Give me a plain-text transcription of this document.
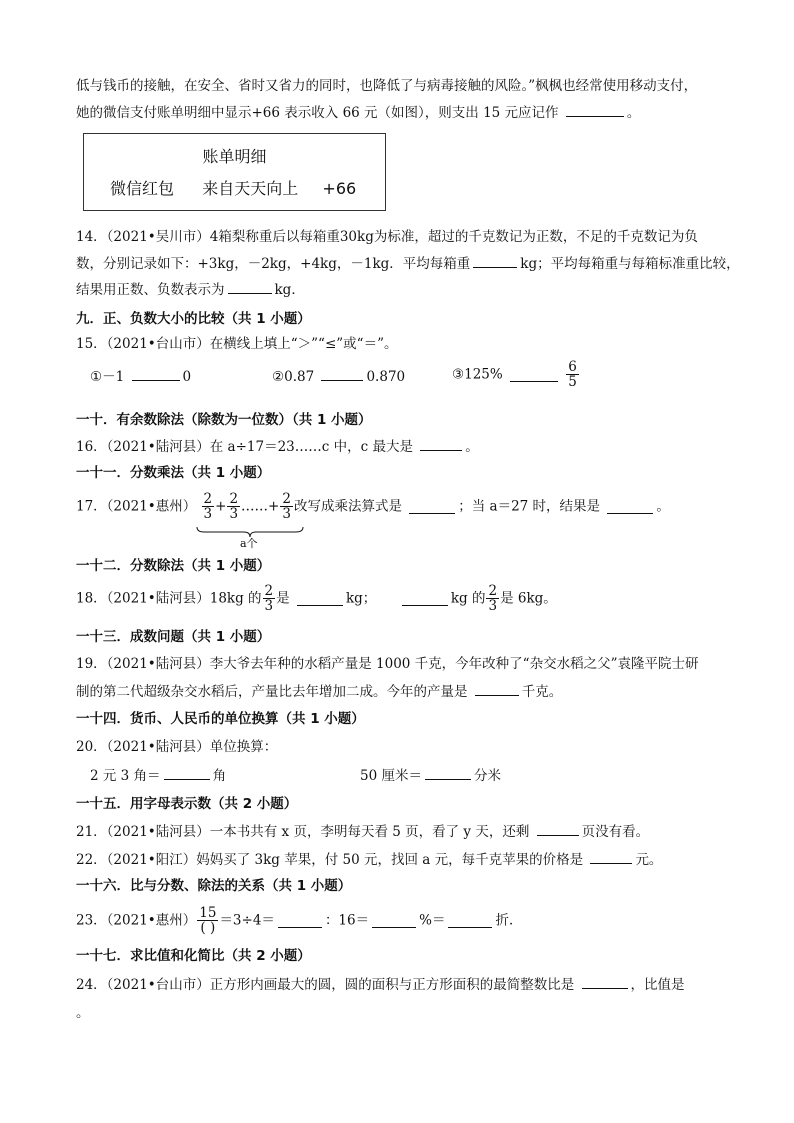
低与钱币的接触，在安全、省时又省力的同时，也降低了与病毒接触的风险。”枫枫也经常使用移动支付，
她的微信支付账单明细中显示+66 表示收入 66 元（如图），则支出 15 元应记作	。
账单明细
微信红包 来自天天向上 +66
14．（2021•吴川市）4箱梨称重后以每箱重30kg为标准，超过的千克数记为正数，不足的千克数记为负
数，分别记录如下：+3kg，－2kg，+4kg，－1kg．平均每箱重	kg；平均每箱重与每箱标准重比较，
结果用正数、负数表示为	kg．
九．正、负数大小的比较（共 1 小题）
15．（2021•台山市）在横线上填上“＞”“≤”或“＝”。
①－1	0	②0.87	0.870	③125%	$\frac{6}{5}$
一十．有余数除法（除数为一位数）（共 1 小题）
16．（2021•陆河县）在 a÷17＝23……c 中，c 最大是	。
一十一．分数乘法（共 1 小题）
17．（2021•惠州） $\frac{2}{3} + \frac{2}{3}$ ……+ $\frac{2}{3}$ 改写成乘法算式是	；当 a＝27 时，结果是	。
a个
一十二．分数除法（共 1 小题）
18．（2021•陆河县）18kg 的 $\frac{2}{3}$ 是	kg；	kg 的 $\frac{2}{3}$ 是 6kg。
一十三．成数问题（共 1 小题）
19．（2021•陆河县）李大爷去年种的水稻产量是 1000 千克，今年改种了“杂交水稻之父”袁隆平院士研
制的第二代超级杂交水稻后，产量比去年增加二成。今年的产量是	千克。
一十四．货币、人民币的单位换算（共 1 小题）
20．（2021•陆河县）单位换算：
2 元 3 角＝	角	50 厘米＝	分米
一十五．用字母表示数（共 2 小题）
21．（2021•陆河县）一本书共有 x 页，李明每天看 5 页，看了 y 天，还剩	页没有看。
22．（2021•阳江）妈妈买了 3kg 苹果，付 50 元，找回 a 元，每千克苹果的价格是	元。
一十六．比与分数、除法的关系（共 1 小题）
23．（2021•惠州） $\frac{15}{( )} =3\div 4=$	：16＝	%＝	折．
一十七．求比值和化简比（共 2 小题）
24．（2021•台山市）正方形内画最大的圆，圆的面积与正方形面积的最简整数比是	，比值是
。
